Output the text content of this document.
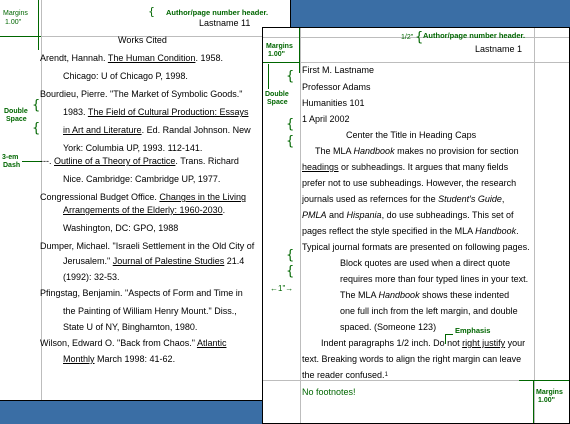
Margins
1.00"
{ Author/page number header.
Lastname 11
Works Cited
Double
Space
{
{
3-em
Dash
Arendt, Hannah. The Human Condition. 1958.
Chicago: U of Chicago P, 1998.
Bourdieu, Pierre. "The Market of Symbolic Goods."
1983. The Field of Cultural Production: Essays
in Art and Literature. Ed. Randal Johnson. New
York: Columbia UP, 1993. 112-141.
---. Outline of a Theory of Practice. Trans. Richard
Nice. Cambridge: Cambridge UP, 1977.
Congressional Budget Office. Changes in the Living
Arrangements of the Elderly: 1960-2030.
Washington, DC: GPO, 1988
Dumper, Michael. "Israeli Settlement in the Old City of
Jerusalem." Journal of Palestine Studies 21.4
(1992): 32-53.
Pfingstag, Benjamin. "Aspects of Form and Time in
the Painting of William Henry Mount." Diss.,
State U of NY, Binghamton, 1980.
Wilson, Edward O. "Back from Chaos." Atlantic
Monthly March 1998: 41-62.
Margins
1.00"
1/2" { Author/page number header.
Lastname 1
Double
Space
{
{
{
{
{
←1"→
Emphasis
Margins
1.00"
No footnotes!
First M. Lastname
Professor Adams
Humanities 101
1 April 2002
Center the Title in Heading Caps
The MLA Handbook makes no provision for section
headings or subheadings. It argues that many fields
prefer not to use subheadings. However, the research
journals used as refernces for the Student's Guide,
PMLA and Hispania, do use subheadings. This set of
pages reflect the style specified in the MLA Handbook.
Typical journal formats are presented on following pages.
Block quotes are used when a direct quote
requires more than four typed lines in your text.
The MLA Handbook shows these indented
one full inch from the left margin, and double
spaced. (Someone 123)
Indent paragraphs 1/2 inch. Do not right justify your
text. Breaking words to align the right margin can leave
the reader confused. 1
